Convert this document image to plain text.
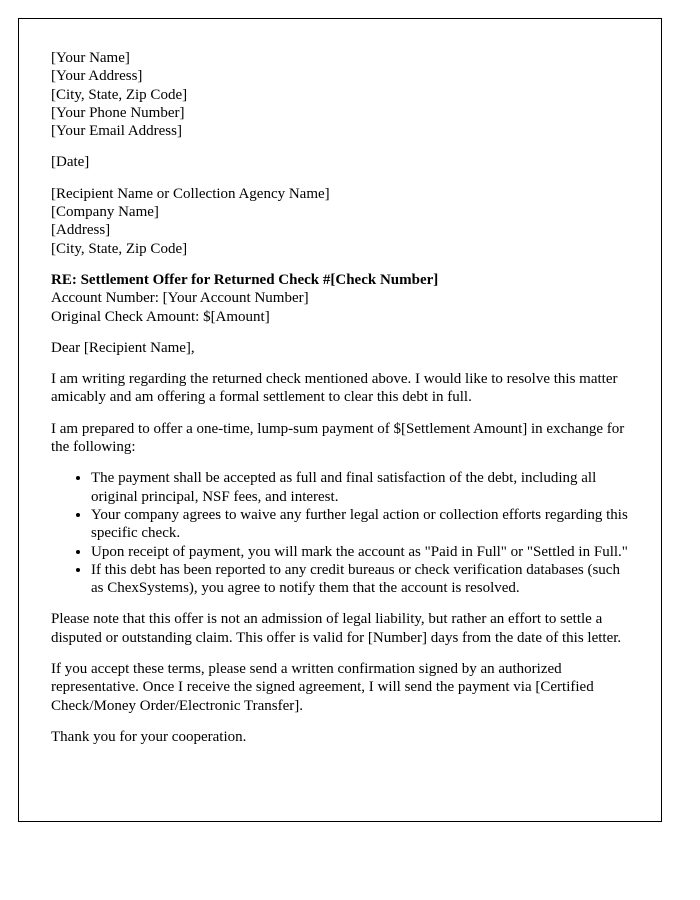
[Your Name]
[Your Address]
[City, State, Zip Code]
[Your Phone Number]
[Your Email Address]
[Date]
[Recipient Name or Collection Agency Name]
[Company Name]
[Address]
[City, State, Zip Code]
RE: Settlement Offer for Returned Check #[Check Number]
Account Number: [Your Account Number]
Original Check Amount: $[Amount]

Dear [Recipient Name],

I am writing regarding the returned check mentioned above. I would like to resolve this matter amicably and am offering a formal settlement to clear this debt in full.

I am prepared to offer a one-time, lump-sum payment of $[Settlement Amount] in exchange for the following:

• The payment shall be accepted as full and final satisfaction of the debt, including all original principal, NSF fees, and interest.
• Your company agrees to waive any further legal action or collection efforts regarding this specific check.
• Upon receipt of payment, you will mark the account as "Paid in Full" or "Settled in Full."
• If this debt has been reported to any credit bureaus or check verification databases (such as ChexSystems), you agree to notify them that the account is resolved.

Please note that this offer is not an admission of legal liability, but rather an effort to settle a disputed or outstanding claim. This offer is valid for [Number] days from the date of this letter.

If you accept these terms, please send a written confirmation signed by an authorized representative. Once I receive the signed agreement, I will send the payment via [Certified Check/Money Order/Electronic Transfer].

Thank you for your cooperation.
